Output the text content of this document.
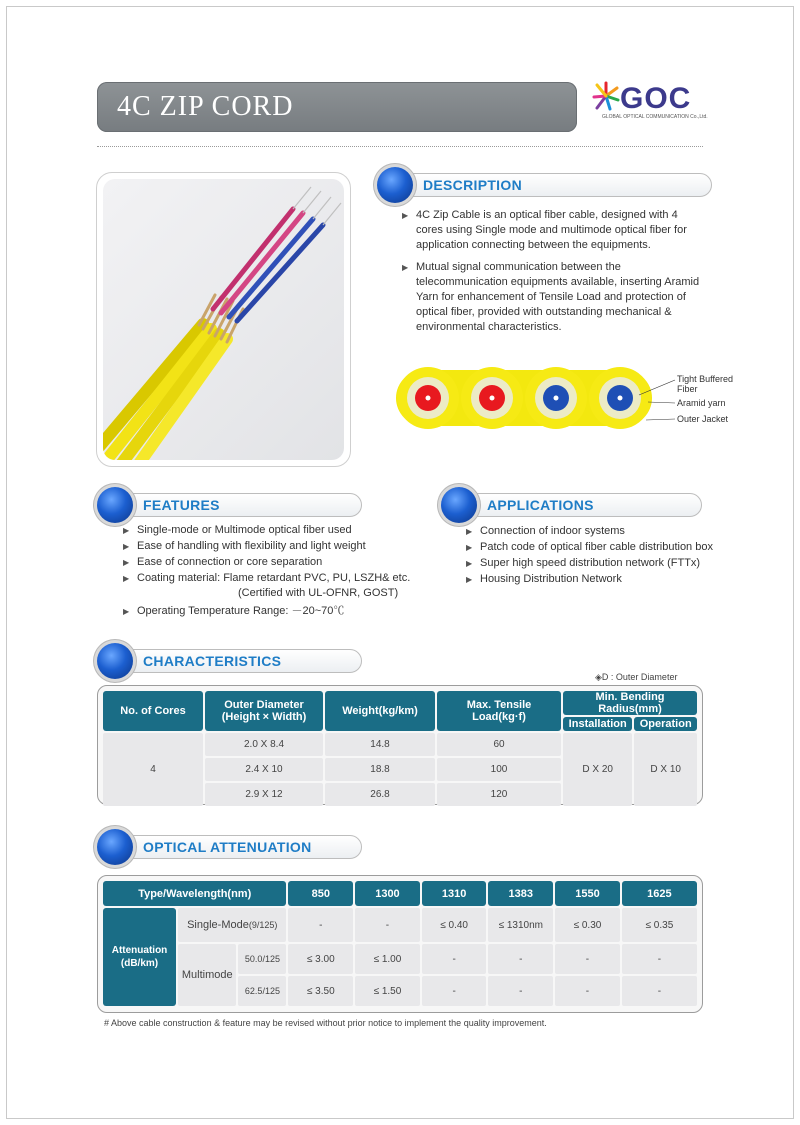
4C ZIP CORD	GOC
GLOBAL OPTICAL COMMUNICATION Co.,Ltd.
DESCRIPTION
▶ 4C Zip Cable is an optical fiber cable, designed with 4 cores using Single mode and multimode optical fiber for application connecting between the equipments.
▶ Mutual signal communication between the telecommunication equipments available, inserting Aramid Yarn for enhancement of Tensile Load and protection of optical fiber, provided with outstanding mechanical & environmental characteristics.
Tight Buffered
Fiber
Aramid yarn
Outer Jacket
FEATURES
▶ Single-mode or Multimode optical fiber used
▶ Ease of handling with flexibility and light weight
▶ Ease of connection or core separation
▶ Coating material: Flame retardant PVC, PU, LSZH& etc.
(Certified with UL-OFNR, GOST)
▶ Operating Temperature Range: －20~70℃
APPLICATIONS
▶ Connection of indoor systems
▶ Patch code of optical fiber cable distribution box
▶ Super high speed distribution network (FTTx)
▶ Housing Distribution Network
CHARACTERISTICS
◈D : Outer Diameter
No. of Cores	Outer Diameter
(Height × Width)	Weight(kg/km)	Max. Tensile Load(kg·f)	Min. Bending Radius(mm)	
				Installation	Operation
4	2.0 X 8.4	14.8	60	D X 20	D X 10
	2.4 X 10	18.8	100		
	2.9 X 12	26.8	120		
OPTICAL ATTENUATION
Type/Wavelength(nm)			850	1300	1310	1383	1550	1625
Attenuation
(dB/km)	Single-Mode(9/125)		-	-	≤ 0.40	≤ 1310nm	≤ 0.30	≤ 0.35
	Multimode	50.0/125	≤ 3.00	≤ 1.00	-	-	-	-
		62.5/125	≤ 3.50	≤ 1.50	-	-	-	-
# Above cable construction & feature may be revised without prior notice to implement the quality improvement.
